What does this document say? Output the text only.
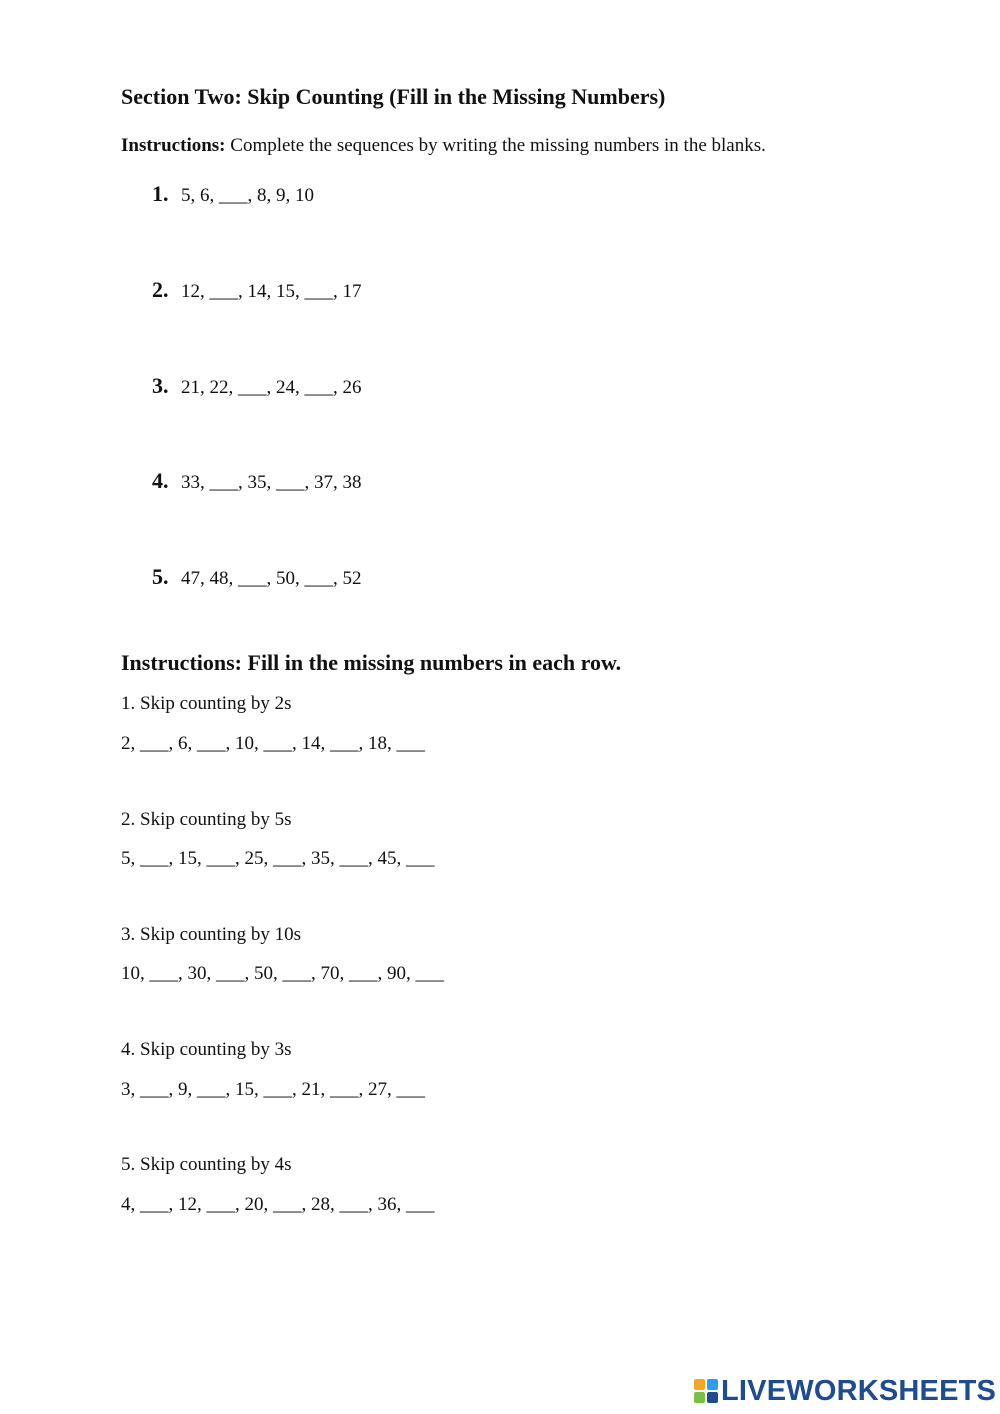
Section Two: Skip Counting (Fill in the Missing Numbers)

Instructions: Complete the sequences by writing the missing numbers in the blanks.

1. 5, 6, ___, 8, 9, 10
2. 12, ___, 14, 15, ___, 17
3. 21, 22, ___, 24, ___, 26
4. 33, ___, 35, ___, 37, 38
5. 47, 48, ___, 50, ___, 52
Instructions: Fill in the missing numbers in each row.

1. Skip counting by 2s

2, ___, 6, ___, 10, ___, 14, ___, 18, ___

2. Skip counting by 5s

5, ___, 15, ___, 25, ___, 35, ___, 45, ___

3. Skip counting by 10s

10, ___, 30, ___, 50, ___, 70, ___, 90, ___

4. Skip counting by 3s

3, ___, 9, ___, 15, ___, 21, ___, 27, ___

5. Skip counting by 4s

4, ___, 12, ___, 20, ___, 28, ___, 36, ___

LIVEWORKSHEETS
